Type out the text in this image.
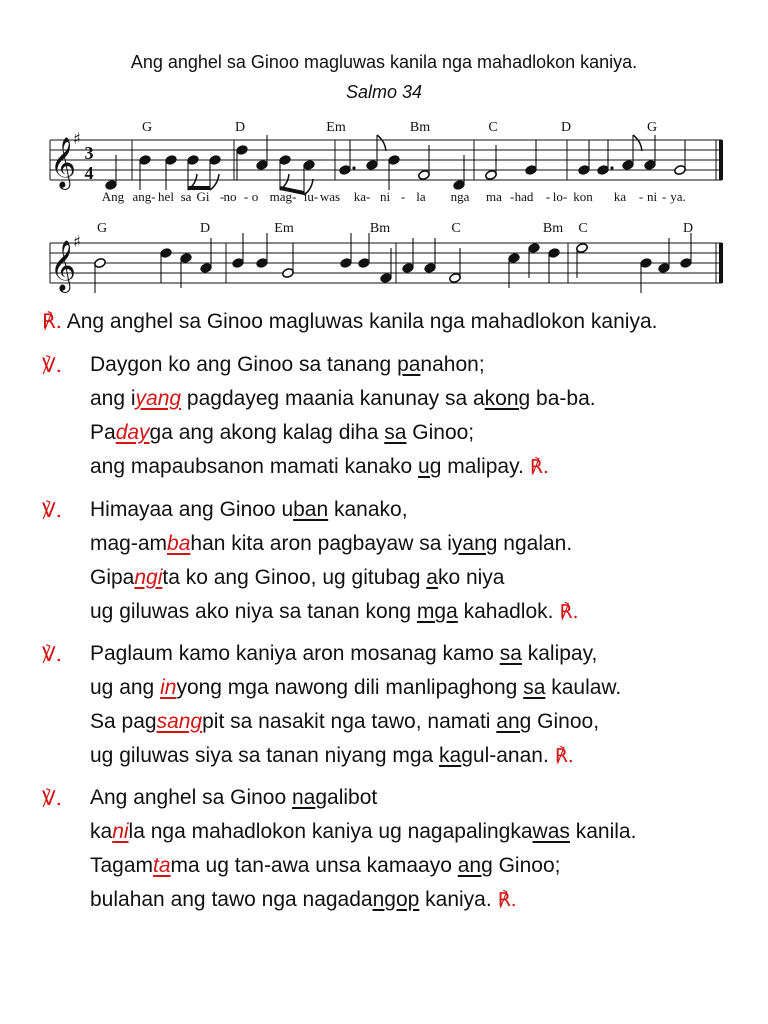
Ang anghel sa Ginoo magluwas kanila nga mahadlokon kaniya.
Salmo 34
𝄞
♯
3
4
G	D	Em	Bm	C	D	G
Ang ang- hel sa Gi - no - o mag- lu- was ka- ni - la nga ma - had - lo- kon ka - ni - ya.
𝄞
♯
G	D	Em	Bm	C	Bm C	D
℟. Ang anghel sa Ginoo magluwas kanila nga mahadlokon kaniya.
℣. Daygon ko ang Ginoo sa tanang panahon;
ang iyang pagdayeg maania kanunay sa akong ba-ba.
Padayga ang akong kalag diha sa Ginoo;
ang mapaubsanon mamati kanako ug malipay. ℟.
℣. Himayaa ang Ginoo uban kanako,
mag-ambahan kita aron pagbayaw sa iyang ngalan.
Gipangita ko ang Ginoo, ug gitubag ako niya
ug giluwas ako niya sa tanan kong mga kahadlok. ℟.
℣. Paglaum kamo kaniya aron mosanag kamo sa kalipay,
ug ang inyong mga nawong dili manlipaghong sa kaulaw.
Sa pagsangpit sa nasakit nga tawo, namati ang Ginoo,
ug giluwas siya sa tanan niyang mga kagul-anan. ℟.
℣. Ang anghel sa Ginoo nagalibot
kanila nga mahadlokon kaniya ug nagapalingkawas kanila.
Tagamtama ug tan-awa unsa kamaayo ang Ginoo;
bulahan ang tawo nga nagadangop kaniya. ℟.
